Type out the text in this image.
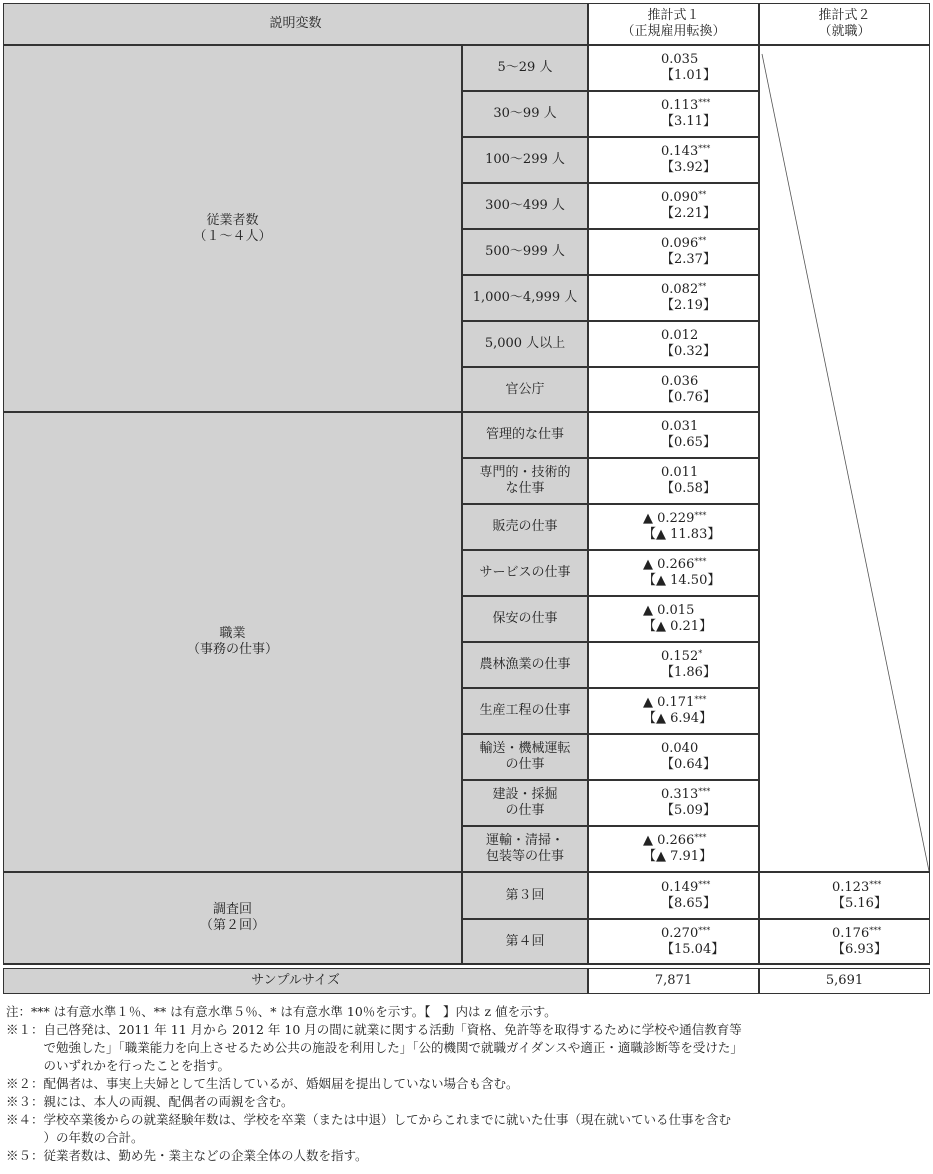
説明変数
推計式１
（正規雇用転換）
推計式２
（就職）
従業者数
（１～４人）
職業
（事務の仕事）
調査回
（第２回）
5～29 人
0.035
【1.01】
30～99 人
0.113***
【3.11】
100～299 人
0.143***
【3.92】
300～499 人
0.090**
【2.21】
500～999 人
0.096**
【2.37】
1,000～4,999 人
0.082**
【2.19】
5,000 人以上
0.012
【0.32】
官公庁
0.036
【0.76】
管理的な仕事
0.031
【0.65】
専門的・技術的
な仕事
0.011
【0.58】
販売の仕事
▲ 0.229***
【▲ 11.83】
サービスの仕事
▲ 0.266***
【▲ 14.50】
保安の仕事
▲ 0.015
【▲ 0.21】
農林漁業の仕事
0.152*
【1.86】
生産工程の仕事
▲ 0.171***
【▲ 6.94】
輸送・機械運転
の仕事
0.040
【0.64】
建設・採掘
の仕事
0.313***
【5.09】
運輸・清掃・
包装等の仕事
▲ 0.266***
【▲ 7.91】
第３回
0.149***
【8.65】
0.123***
【5.16】
第４回
0.270***
【15.04】
0.176***
【6.93】
サンプルサイズ	7,871	5,691
注：*** は有意水準１％、** は有意水準５％、* は有意水準 10％を示す。【　】内は z 値を示す。
※１：自己啓発は、2011 年 11 月から 2012 年 10 月の間に就業に関する活動「資格、免許等を取得するために学校や通信教育等
　　　で勉強した」「職業能力を向上させるため公共の施設を利用した」「公的機関で就職ガイダンスや適正・適職診断等を受けた」
　　　のいずれかを行ったことを指す。
※２：配偶者は、事実上夫婦として生活しているが、婚姻届を提出していない場合も含む。
※３：親には、本人の両親、配偶者の両親を含む。
※４：学校卒業後からの就業経験年数は、学校を卒業（または中退）してからこれまでに就いた仕事（現在就いている仕事を含む
　　　）の年数の合計。
※５：従業者数は、勤め先・業主などの企業全体の人数を指す。
